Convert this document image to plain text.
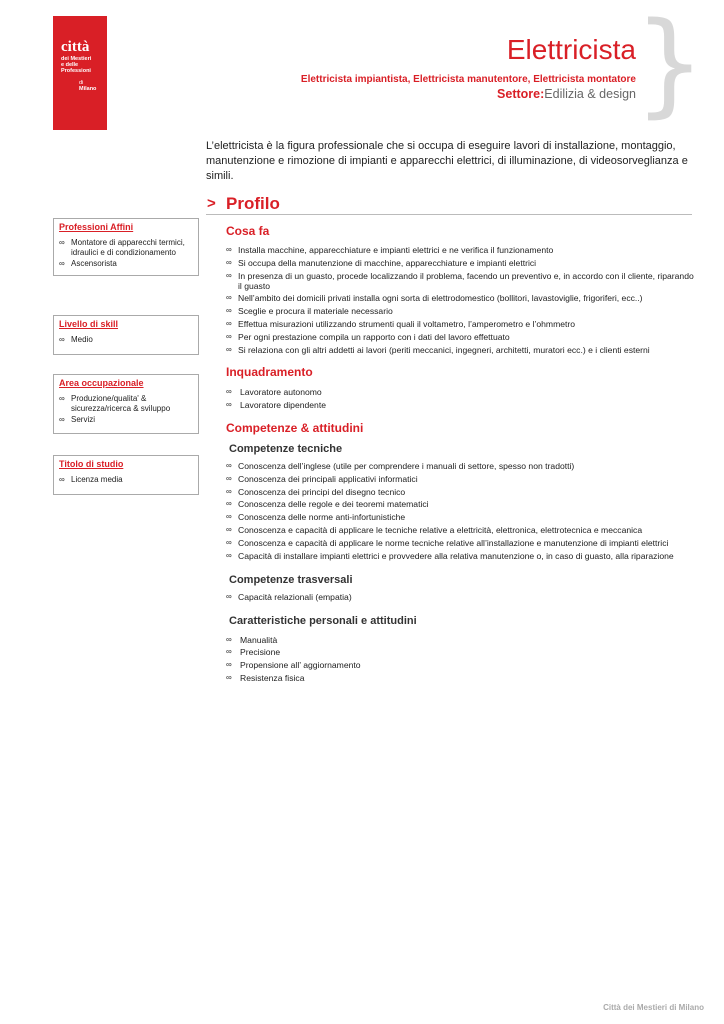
città
dei Mestieri
e delle Professioni
di
Milano	}
Elettricista
Elettricista impiantista, Elettricista manutentore, Elettricista montatore
Settore:Edilizia & design

L’elettricista è la figura professionale che si occupa di eseguire lavori di installazione, montaggio, manutenzione e rimozione di impianti e apparecchi elettrici, di illuminazione, di videosorveglianza e simili.

> Profilo
Cosa fa
∞ Installa macchine, apparecchiature e impianti elettrici e ne verifica il funzionamento
∞ Si occupa della manutenzione di macchine, apparecchiature e impianti elettrici
∞ In presenza di un guasto, procede localizzando il problema, facendo un preventivo e, in accordo con il cliente, riparando il guasto
∞ Nell’ambito dei domicili privati installa ogni sorta di elettrodomestico (bollitori, lavastoviglie, frigoriferi, ecc..)
∞ Sceglie e procura il materiale necessario
∞ Effettua misurazioni utilizzando strumenti quali il voltametro, l’amperometro e l’ohmmetro
∞ Per ogni prestazione compila un rapporto con i dati del lavoro effettuato
∞ Si relaziona con gli altri addetti ai lavori (periti meccanici, ingegneri, architetti, muratori ecc.) e i clienti esterni
Inquadramento
∞ Lavoratore autonomo
∞ Lavoratore dipendente
Competenze & attitudini
Competenze tecniche
∞ Conoscenza dell’inglese (utile per comprendere i manuali di settore, spesso non tradotti)
∞ Conoscenza dei principali applicativi informatici
∞ Conoscenza dei principi del disegno tecnico
∞ Conoscenza delle regole e dei teoremi matematici
∞ Conoscenza delle norme anti-infortunistiche
∞ Conoscenza e capacità di applicare le tecniche relative a elettricità, elettronica, elettrotecnica e meccanica
∞ Conoscenza e capacità di applicare le norme tecniche relative all’installazione e manutenzione di impianti elettrici
∞ Capacità di installare impianti elettrici e provvedere alla relativa manutenzione o, in caso di guasto, alla riparazione
Competenze trasversali
∞ Capacità relazionali (empatia)
Caratteristiche personali e attitudini
∞ Manualità
∞ Precisione
∞ Propensione all’ aggiornamento
∞ Resistenza fisica
Professioni Affini
∞ Montatore di apparecchi termici, idraulici e di condizionamento
∞ Ascensorista
Livello di skill
∞ Medio
Area occupazionale
∞ Produzione/qualita' & sicurezza/ricerca & sviluppo
∞ Servizi
Titolo di studio
∞ Licenza media
Città dei Mestieri di Milano
